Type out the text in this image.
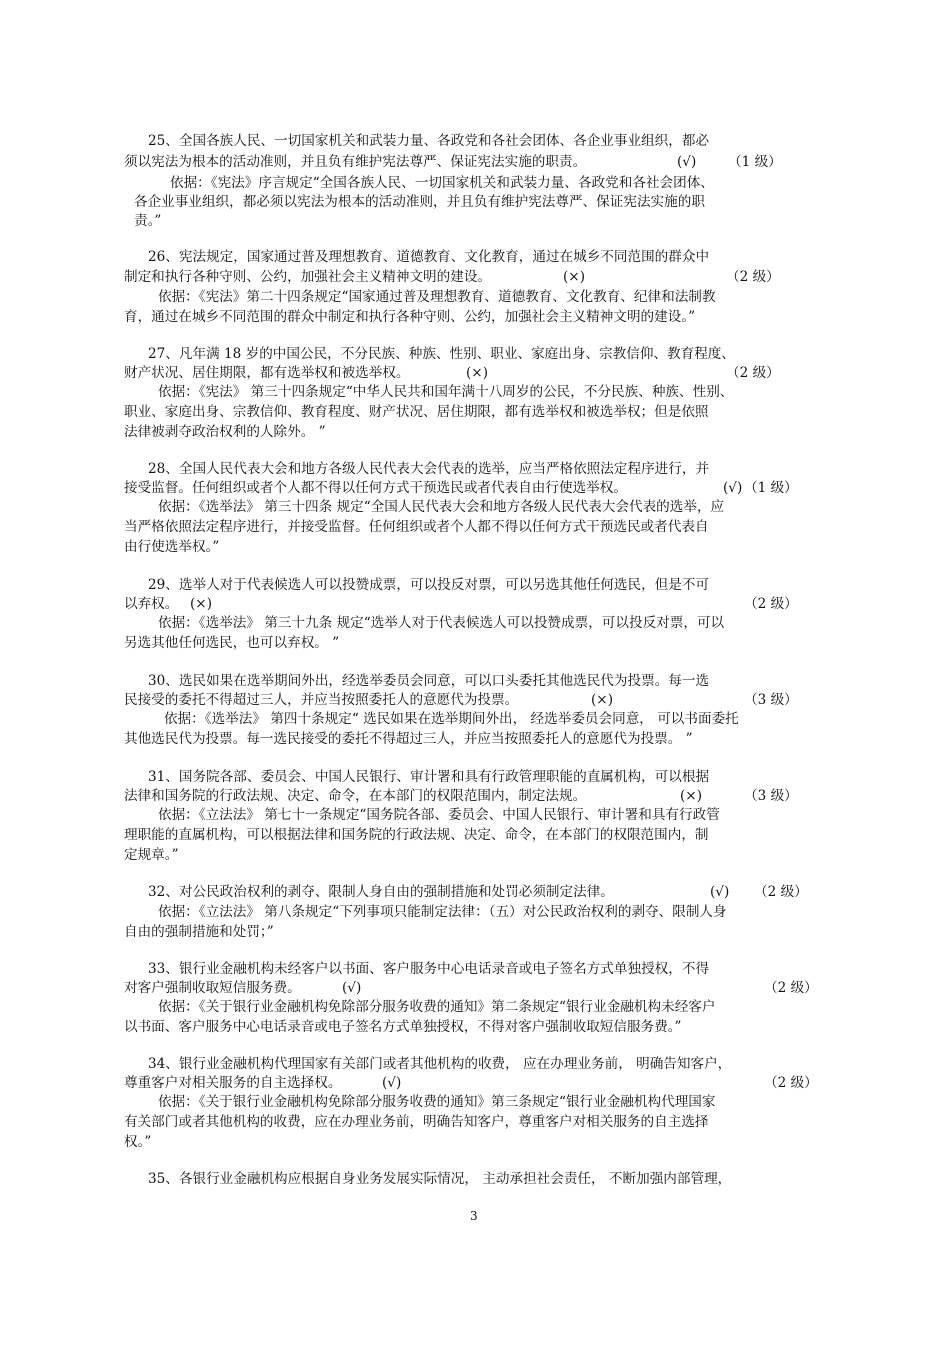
25、全国各族人民、一切国家机关和武装力量、各政党和各社会团体、各企业事业组织，都必
须以宪法为根本的活动准则，并且负有维护宪法尊严、保证宪法实施的职责。	(√) （1 级）
依据：《宪法》序言规定“全国各族人民、一切国家机关和武装力量、各政党和各社会团体、
各企业事业组织，都必须以宪法为根本的活动准则，并且负有维护宪法尊严、保证宪法实施的职
责。”
26、宪法规定，国家通过普及理想教育、道德教育、文化教育，通过在城乡不同范围的群众中
制定和执行各种守则、公约，加强社会主义精神文明的建设。	(×)	（2 级）
依据：《宪法》第二十四条规定“国家通过普及理想教育、道德教育、文化教育、纪律和法制教
育，通过在城乡不同范围的群众中制定和执行各种守则、公约，加强社会主义精神文明的建设。”
27、凡年满 18 岁的中国公民，不分民族、种族、性别、职业、家庭出身、宗教信仰、教育程度、
财产状况、居住期限，都有选举权和被选举权。	(×)	（2 级）
依据：《宪法》 第三十四条规定“中华人民共和国年满十八周岁的公民，不分民族、种族、性别、
职业、家庭出身、宗教信仰、教育程度、财产状况、居住期限，都有选举权和被选举权；但是依照
法律被剥夺政治权利的人除外。 ”
28、全国人民代表大会和地方各级人民代表大会代表的选举，应当严格依照法定程序进行，并
接受监督。任何组织或者个人都不得以任何方式干预选民或者代表自由行使选举权。	(√) （1 级）
依据：《选举法》 第三十四条 规定“全国人民代表大会和地方各级人民代表大会代表的选举，应
当严格依照法定程序进行，并接受监督。任何组织或者个人都不得以任何方式干预选民或者代表自
由行使选举权。”
29、选举人对于代表候选人可以投赞成票，可以投反对票，可以另选其他任何选民，但是不可
以弃权。 (×)	（2 级）
依据：《选举法》 第三十九条 规定“选举人对于代表候选人可以投赞成票，可以投反对票，可以
另选其他任何选民，也可以弃权。 ”
30、选民如果在选举期间外出，经选举委员会同意，可以口头委托其他选民代为投票。每一选
民接受的委托不得超过三人，并应当按照委托人的意愿代为投票。	(×)	（3 级）
依据：《选举法》 第四十条规定“ 选民如果在选举期间外出， 经选举委员会同意， 可以书面委托
其他选民代为投票。每一选民接受的委托不得超过三人，并应当按照委托人的意愿代为投票。 ”
31、国务院各部、委员会、中国人民银行、审计署和具有行政管理职能的直属机构，可以根据
法律和国务院的行政法规、决定、命令，在本部门的权限范围内，制定法规。	(×)	（3 级）
依据：《立法法》 第七十一条规定“国务院各部、委员会、中国人民银行、审计署和具有行政管
理职能的直属机构，可以根据法律和国务院的行政法规、决定、命令，在本部门的权限范围内，制
定规章。”
32、对公民政治权利的剥夺、限制人身自由的强制措施和处罚必须制定法律。	(√) （2 级）
依据：《立法法》 第八条规定“下列事项只能制定法律：（五）对公民政治权利的剥夺、限制人身
自由的强制措施和处罚；”
33、银行业金融机构未经客户以书面、客户服务中心电话录音或电子签名方式单独授权，不得
对客户强制收取短信服务费。	(√)	（2 级）
依据：《关于银行业金融机构免除部分服务收费的通知》第二条规定“银行业金融机构未经客户
以书面、客户服务中心电话录音或电子签名方式单独授权，不得对客户强制收取短信服务费。”
34、银行业金融机构代理国家有关部门或者其他机构的收费， 应在办理业务前， 明确告知客户，
尊重客户对相关服务的自主选择权。	(√)	（2 级）
依据：《关于银行业金融机构免除部分服务收费的通知》第三条规定“银行业金融机构代理国家
有关部门或者其他机构的收费，应在办理业务前，明确告知客户，尊重客户对相关服务的自主选择
权。”
35、各银行业金融机构应根据自身业务发展实际情况， 主动承担社会责任， 不断加强内部管理，
3
